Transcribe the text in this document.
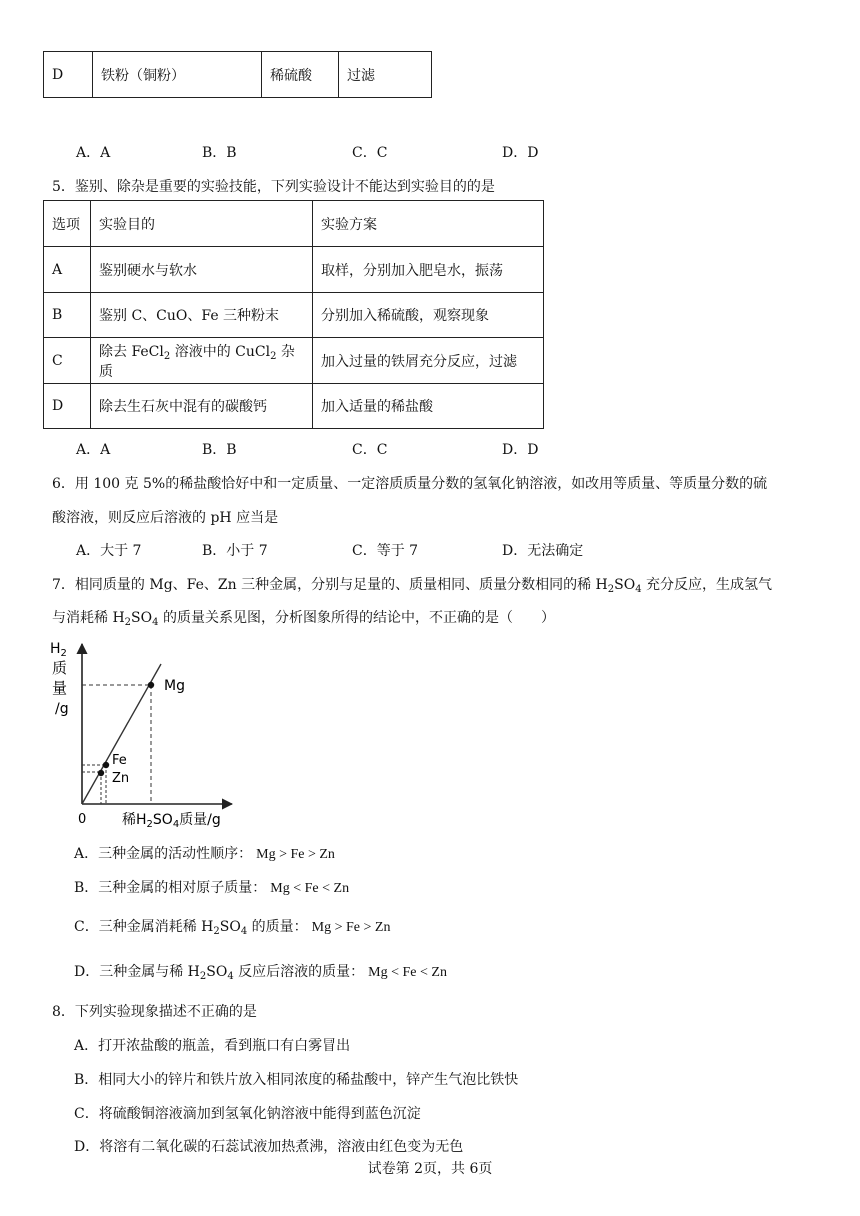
D	铁粉（铜粉）	稀硫酸	过滤
A．A	B．B	C．C	D．D
5．鉴别、除杂是重要的实验技能，下列实验设计不能达到实验目的的是
选项	实验目的	实验方案
A	鉴别硬水与软水	取样，分别加入肥皂水，振荡
B	鉴别 C、CuO、Fe 三种粉末	分别加入稀硫酸，观察现象
C	除去 FeCl$_2$ 溶液中的 CuCl$_2$ 杂质	加入过量的铁屑充分反应，过滤
D	除去生石灰中混有的碳酸钙	加入适量的稀盐酸
A．A	B．B	C．C	D．D
6．用 100 克 5%的稀盐酸恰好中和一定质量、一定溶质质量分数的氢氧化钠溶液，如改用等质量、等质量分数的硫
酸溶液，则反应后溶液的 pH 应当是
A．大于 7	B．小于 7	C．等于 7	D．无法确定
7．相同质量的 Mg、Fe、Zn 三种金属，分别与足量的、质量相同、质量分数相同的稀 $H_2SO_4$ 充分反应，生成氢气
与消耗稀 $H_2SO_4$ 的质量关系见图，分析图象所得的结论中，不正确的是（　　）
Mg
Fe
Zn
$H_2$
质
量
/g
0	稀$H_2SO_4$质量/g
A．三种金属的活动性顺序： Mg > Fe > Zn
B．三种金属的相对原子质量： Mg < Fe < Zn
C．三种金属消耗稀 $H_2SO_4$ 的质量： Mg > Fe > Zn
D．三种金属与稀 $H_2SO_4$ 反应后溶液的质量： Mg < Fe < Zn
8．下列实验现象描述不正确的是
A．打开浓盐酸的瓶盖，看到瓶口有白雾冒出
B．相同大小的锌片和铁片放入相同浓度的稀盐酸中，锌产生气泡比铁快
C．将硫酸铜溶液滴加到氢氧化钠溶液中能得到蓝色沉淀
D．将溶有二氧化碳的石蕊试液加热煮沸，溶液由红色变为无色
试卷第 2页，共 6页
